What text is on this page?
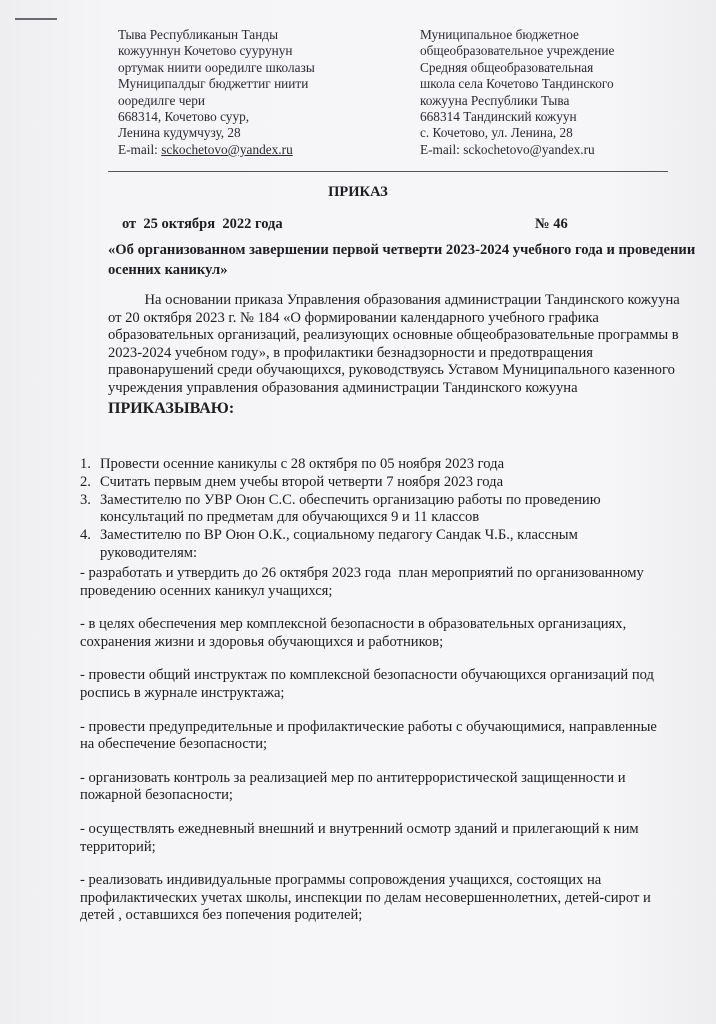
Тыва Республиканын Танды
кожууннун Кочетово суурунун
ортумак ниити ооредилге школазы
Муниципалдыг бюджеттиг ниити
ооредилге чери
668314, Кочетово суур,
Ленина кудумчузу, 28
E-mail: sckochetovo@yandex.ru
Муниципальное бюджетное
общеобразовательное учреждение
Средняя общеобразовательная
школа села Кочетово Тандинского
кожууна Республики Тыва
668314 Тандинский кожуун
с. Кочетово, ул. Ленина, 28
E-mail: sckochetovo@yandex.ru
ПРИКАЗ
от  25 октября  2022 года	№ 46
«Об организованном завершении первой четверти 2023-2024 учебного года и проведении
осенних каникул»
На основании приказа Управления образования администрации Тандинского кожууна
от 20 октября 2023 г. № 184 «О формировании календарного учебного графика
образовательных организаций, реализующих основные общеобразовательные программы в
2023-2024 учебном году», в профилактики безнадзорности и предотвращения
правонарушений среди обучающихся, руководствуясь Уставом Муниципального казенного
учреждения управления образования администрации Тандинского кожууна
ПРИКАЗЫВАЮ:
1. Провести осенние каникулы с 28 октября по 05 ноября 2023 года
2. Считать первым днем учебы второй четверти 7 ноября 2023 года
3. Заместителю по УВР Оюн С.С. обеспечить организацию работы по проведению
консультаций по предметам для обучающихся 9 и 11 классов
4. Заместителю по ВР Оюн О.К., социальному педагогу Сандак Ч.Б., классным
руководителям:
- разработать и утвердить до 26 октября 2023 года  план мероприятий по организованному
проведению осенних каникул учащихся;
- в целях обеспечения мер комплексной безопасности в образовательных организациях,
сохранения жизни и здоровья обучающихся и работников;
- провести общий инструктаж по комплексной безопасности обучающихся организаций под
роспись в журнале инструктажа;
- провести предупредительные и профилактические работы с обучающимися, направленные
на обеспечение безопасности;
- организовать контроль за реализацией мер по антитеррористической защищенности и
пожарной безопасности;
- осуществлять ежедневный внешний и внутренний осмотр зданий и прилегающий к ним
территорий;
- реализовать индивидуальные программы сопровождения учащихся, состоящих на
профилактических учетах школы, инспекции по делам несовершеннолетних, детей-сирот и
детей , оставшихся без попечения родителей;
